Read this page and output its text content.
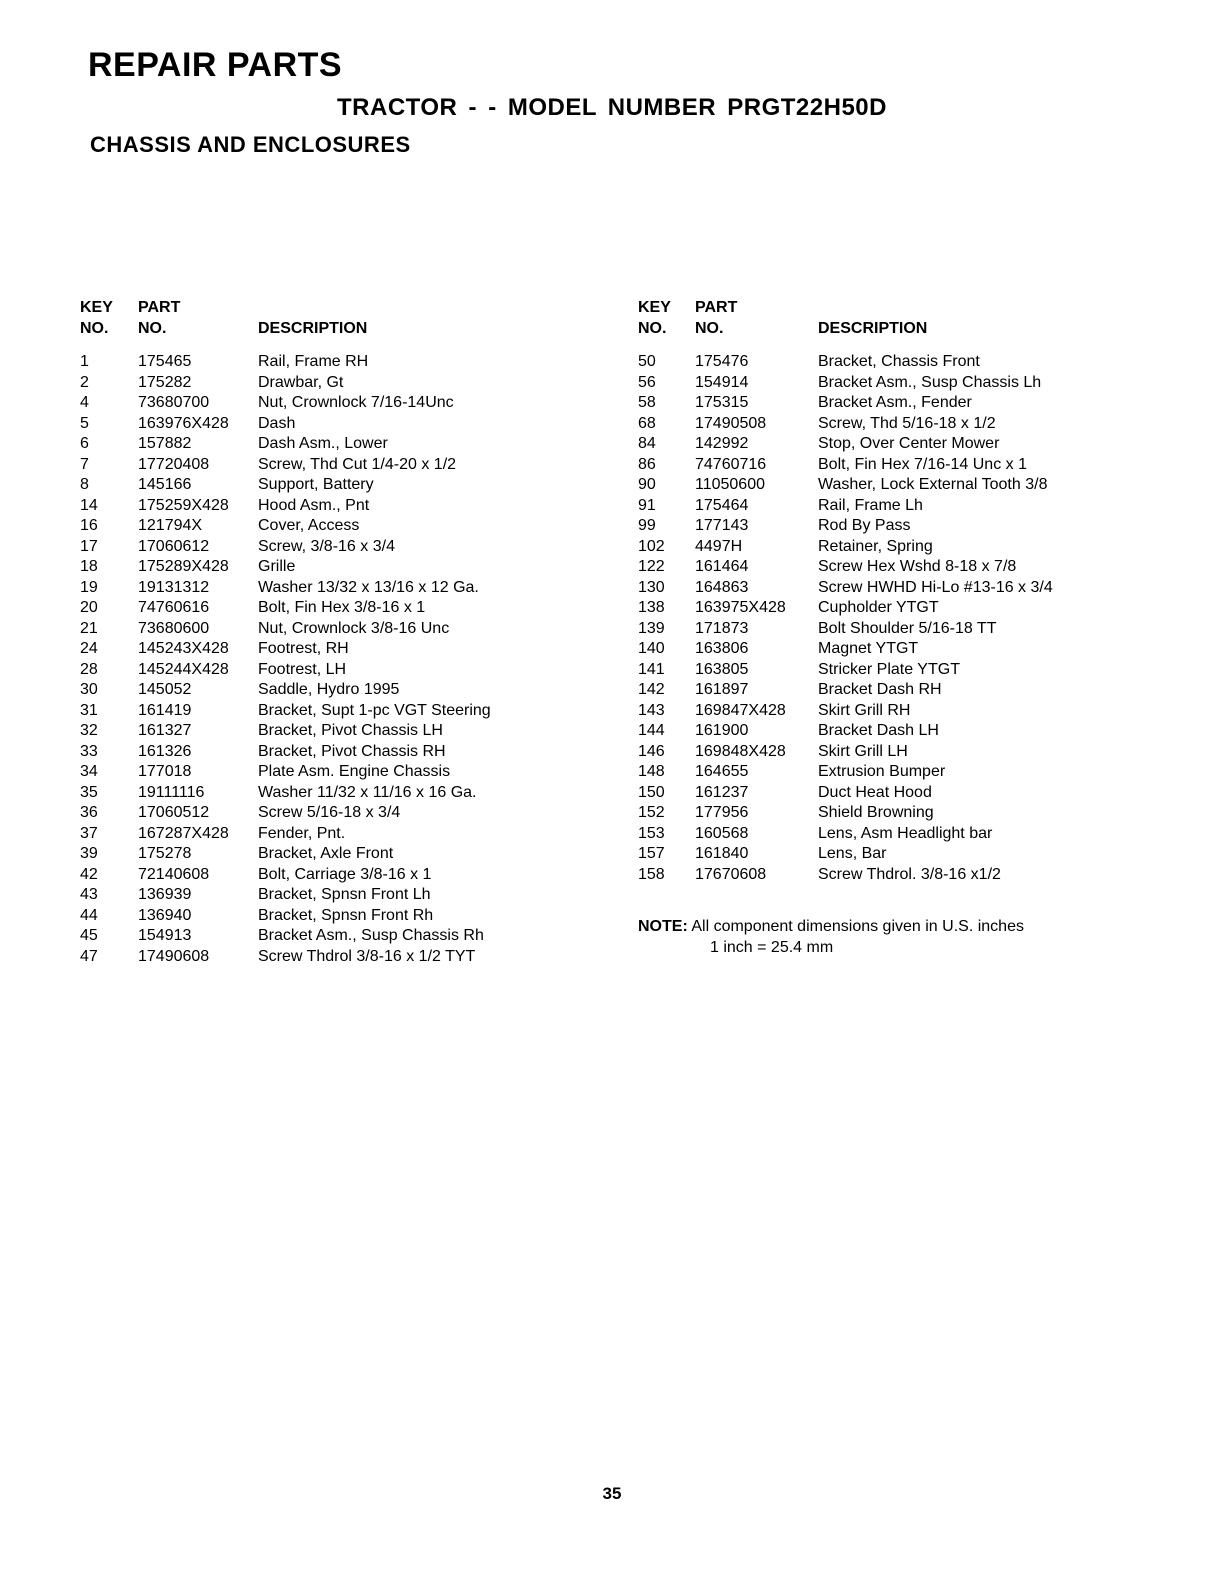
REPAIR PARTS
TRACTOR - - MODEL NUMBER PRGT22H50D
CHASSIS AND ENCLOSURES
KEY
NO.
PART
NO.	DESCRIPTION
1	175465	Rail, Frame RH
2	175282	Drawbar, Gt
4	73680700	Nut, Crownlock 7/16-14Unc
5	163976X428	Dash
6	157882	Dash Asm., Lower
7	17720408	Screw, Thd Cut 1/4-20 x 1/2
8	145166	Support, Battery
14	175259X428	Hood Asm., Pnt
16	121794X	Cover, Access
17	17060612	Screw, 3/8-16 x 3/4
18	175289X428	Grille
19	19131312	Washer 13/32 x 13/16 x 12 Ga.
20	74760616	Bolt, Fin Hex 3/8-16 x 1
21	73680600	Nut, Crownlock 3/8-16 Unc
24	145243X428	Footrest, RH
28	145244X428	Footrest, LH
30	145052	Saddle, Hydro 1995
31	161419	Bracket, Supt 1-pc VGT Steering
32	161327	Bracket, Pivot Chassis LH
33	161326	Bracket, Pivot Chassis RH
34	177018	Plate Asm. Engine Chassis
35	19111116	Washer 11/32 x 11/16 x 16 Ga.
36	17060512	Screw 5/16-18 x 3/4
37	167287X428	Fender, Pnt.
39	175278	Bracket, Axle Front
42	72140608	Bolt, Carriage 3/8-16 x 1
43	136939	Bracket, Spnsn Front Lh
44	136940	Bracket, Spnsn Front Rh
45	154913	Bracket Asm., Susp Chassis Rh
47	17490608	Screw Thdrol 3/8-16 x 1/2 TYT
KEY
NO.
PART
NO.	DESCRIPTION
50	175476	Bracket, Chassis Front
56	154914	Bracket Asm., Susp Chassis Lh
58	175315	Bracket Asm., Fender
68	17490508	Screw, Thd 5/16-18 x 1/2
84	142992	Stop, Over Center Mower
86	74760716	Bolt, Fin Hex 7/16-14 Unc x 1
90	11050600	Washer, Lock External Tooth 3/8
91	175464	Rail, Frame Lh
99	177143	Rod By Pass
102	4497H	Retainer, Spring
122	161464	Screw Hex Wshd 8-18 x 7/8
130	164863	Screw HWHD Hi-Lo #13-16 x 3/4
138	163975X428	Cupholder YTGT
139	171873	Bolt Shoulder 5/16-18 TT
140	163806	Magnet YTGT
141	163805	Stricker Plate YTGT
142	161897	Bracket Dash RH
143	169847X428	Skirt Grill RH
144	161900	Bracket Dash LH
146	169848X428	Skirt Grill LH
148	164655	Extrusion Bumper
150	161237	Duct Heat Hood
152	177956	Shield Browning
153	160568	Lens, Asm Headlight bar
157	161840	Lens, Bar
158	17670608	Screw Thdrol. 3/8-16 x1/2
NOTE: All component dimensions given in U.S. inches
1 inch = 25.4 mm
35
